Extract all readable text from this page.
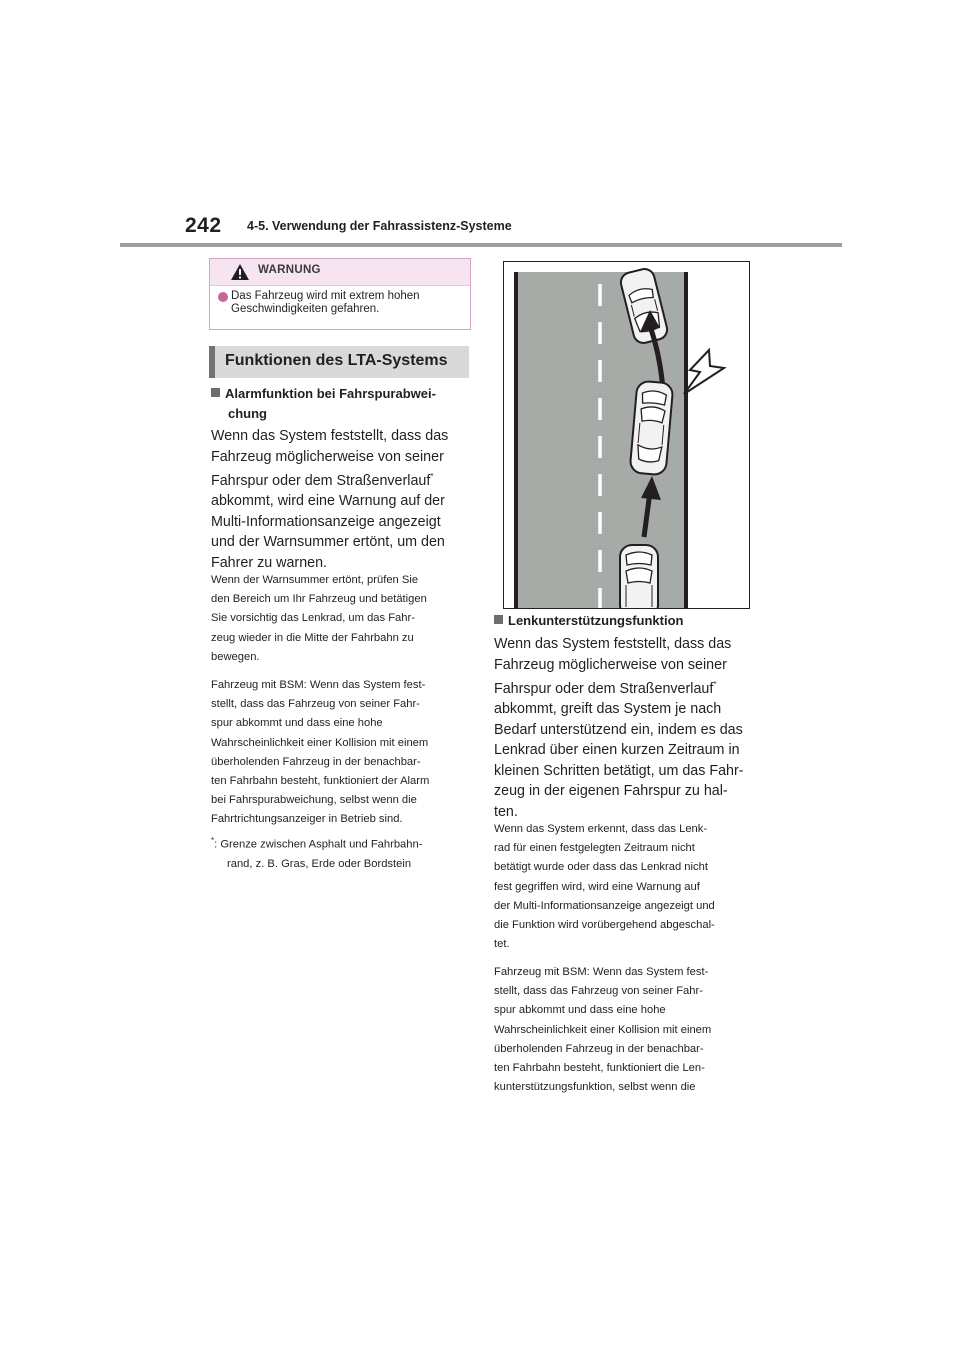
242 4-5. Verwendung der Fahrassistenz-Systeme
WARNUNG
Das Fahrzeug wird mit extrem hohen Geschwindigkeiten gefahren.
Funktionen des LTA-Systems
Alarmfunktion bei Fahrspurabwei-
chung
Wenn das System feststellt, dass das
Fahrzeug möglicherweise von seiner
Fahrspur oder dem Straßenverlauf*
abkommt, wird eine Warnung auf der
Multi-Informationsanzeige angezeigt
und der Warnsummer ertönt, um den
Fahrer zu warnen.
Wenn der Warnsummer ertönt, prüfen Sie
den Bereich um Ihr Fahrzeug und betätigen
Sie vorsichtig das Lenkrad, um das Fahr-
zeug wieder in die Mitte der Fahrbahn zu
bewegen.
Fahrzeug mit BSM: Wenn das System fest-
stellt, dass das Fahrzeug von seiner Fahr-
spur abkommt und dass eine hohe
Wahrscheinlichkeit einer Kollision mit einem
überholenden Fahrzeug in der benachbar-
ten Fahrbahn besteht, funktioniert der Alarm
bei Fahrspurabweichung, selbst wenn die
Fahrtrichtungsanzeiger in Betrieb sind.
*: Grenze zwischen Asphalt und Fahrbahn-
rand, z. B. Gras, Erde oder Bordstein
Lenkunterstützungsfunktion
Wenn das System feststellt, dass das
Fahrzeug möglicherweise von seiner
Fahrspur oder dem Straßenverlauf*
abkommt, greift das System je nach
Bedarf unterstützend ein, indem es das
Lenkrad über einen kurzen Zeitraum in
kleinen Schritten betätigt, um das Fahr-
zeug in der eigenen Fahrspur zu hal-
ten.
Wenn das System erkennt, dass das Lenk-
rad für einen festgelegten Zeitraum nicht
betätigt wurde oder dass das Lenkrad nicht
fest gegriffen wird, wird eine Warnung auf
der Multi-Informationsanzeige angezeigt und
die Funktion wird vorübergehend abgeschal-
tet.
Fahrzeug mit BSM: Wenn das System fest-
stellt, dass das Fahrzeug von seiner Fahr-
spur abkommt und dass eine hohe
Wahrscheinlichkeit einer Kollision mit einem
überholenden Fahrzeug in der benachbar-
ten Fahrbahn besteht, funktioniert die Len-
kunterstützungsfunktion, selbst wenn die
